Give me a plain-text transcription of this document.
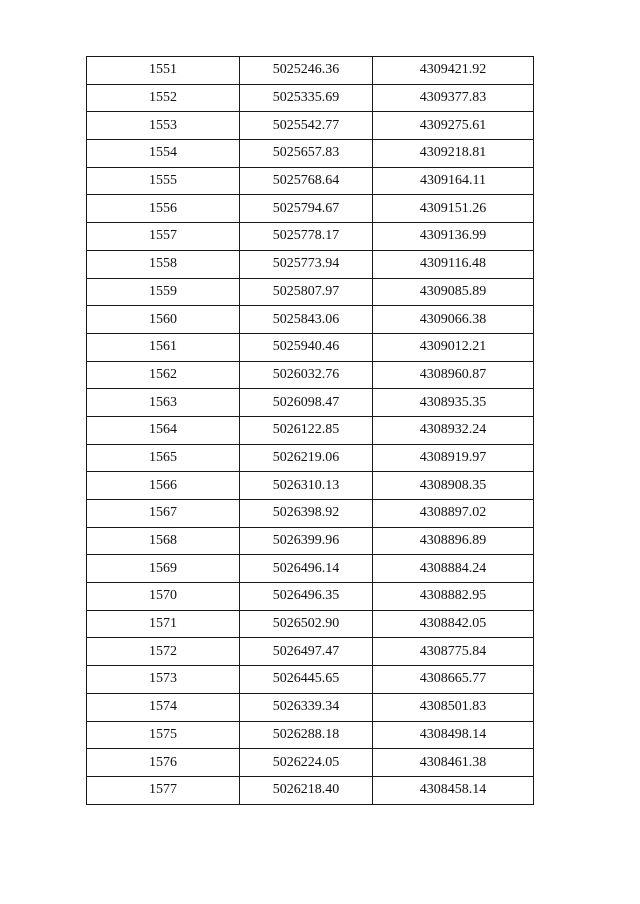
1551	5025246.36	4309421.92
1552	5025335.69	4309377.83
1553	5025542.77	4309275.61
1554	5025657.83	4309218.81
1555	5025768.64	4309164.11
1556	5025794.67	4309151.26
1557	5025778.17	4309136.99
1558	5025773.94	4309116.48
1559	5025807.97	4309085.89
1560	5025843.06	4309066.38
1561	5025940.46	4309012.21
1562	5026032.76	4308960.87
1563	5026098.47	4308935.35
1564	5026122.85	4308932.24
1565	5026219.06	4308919.97
1566	5026310.13	4308908.35
1567	5026398.92	4308897.02
1568	5026399.96	4308896.89
1569	5026496.14	4308884.24
1570	5026496.35	4308882.95
1571	5026502.90	4308842.05
1572	5026497.47	4308775.84
1573	5026445.65	4308665.77
1574	5026339.34	4308501.83
1575	5026288.18	4308498.14
1576	5026224.05	4308461.38
1577	5026218.40	4308458.14
